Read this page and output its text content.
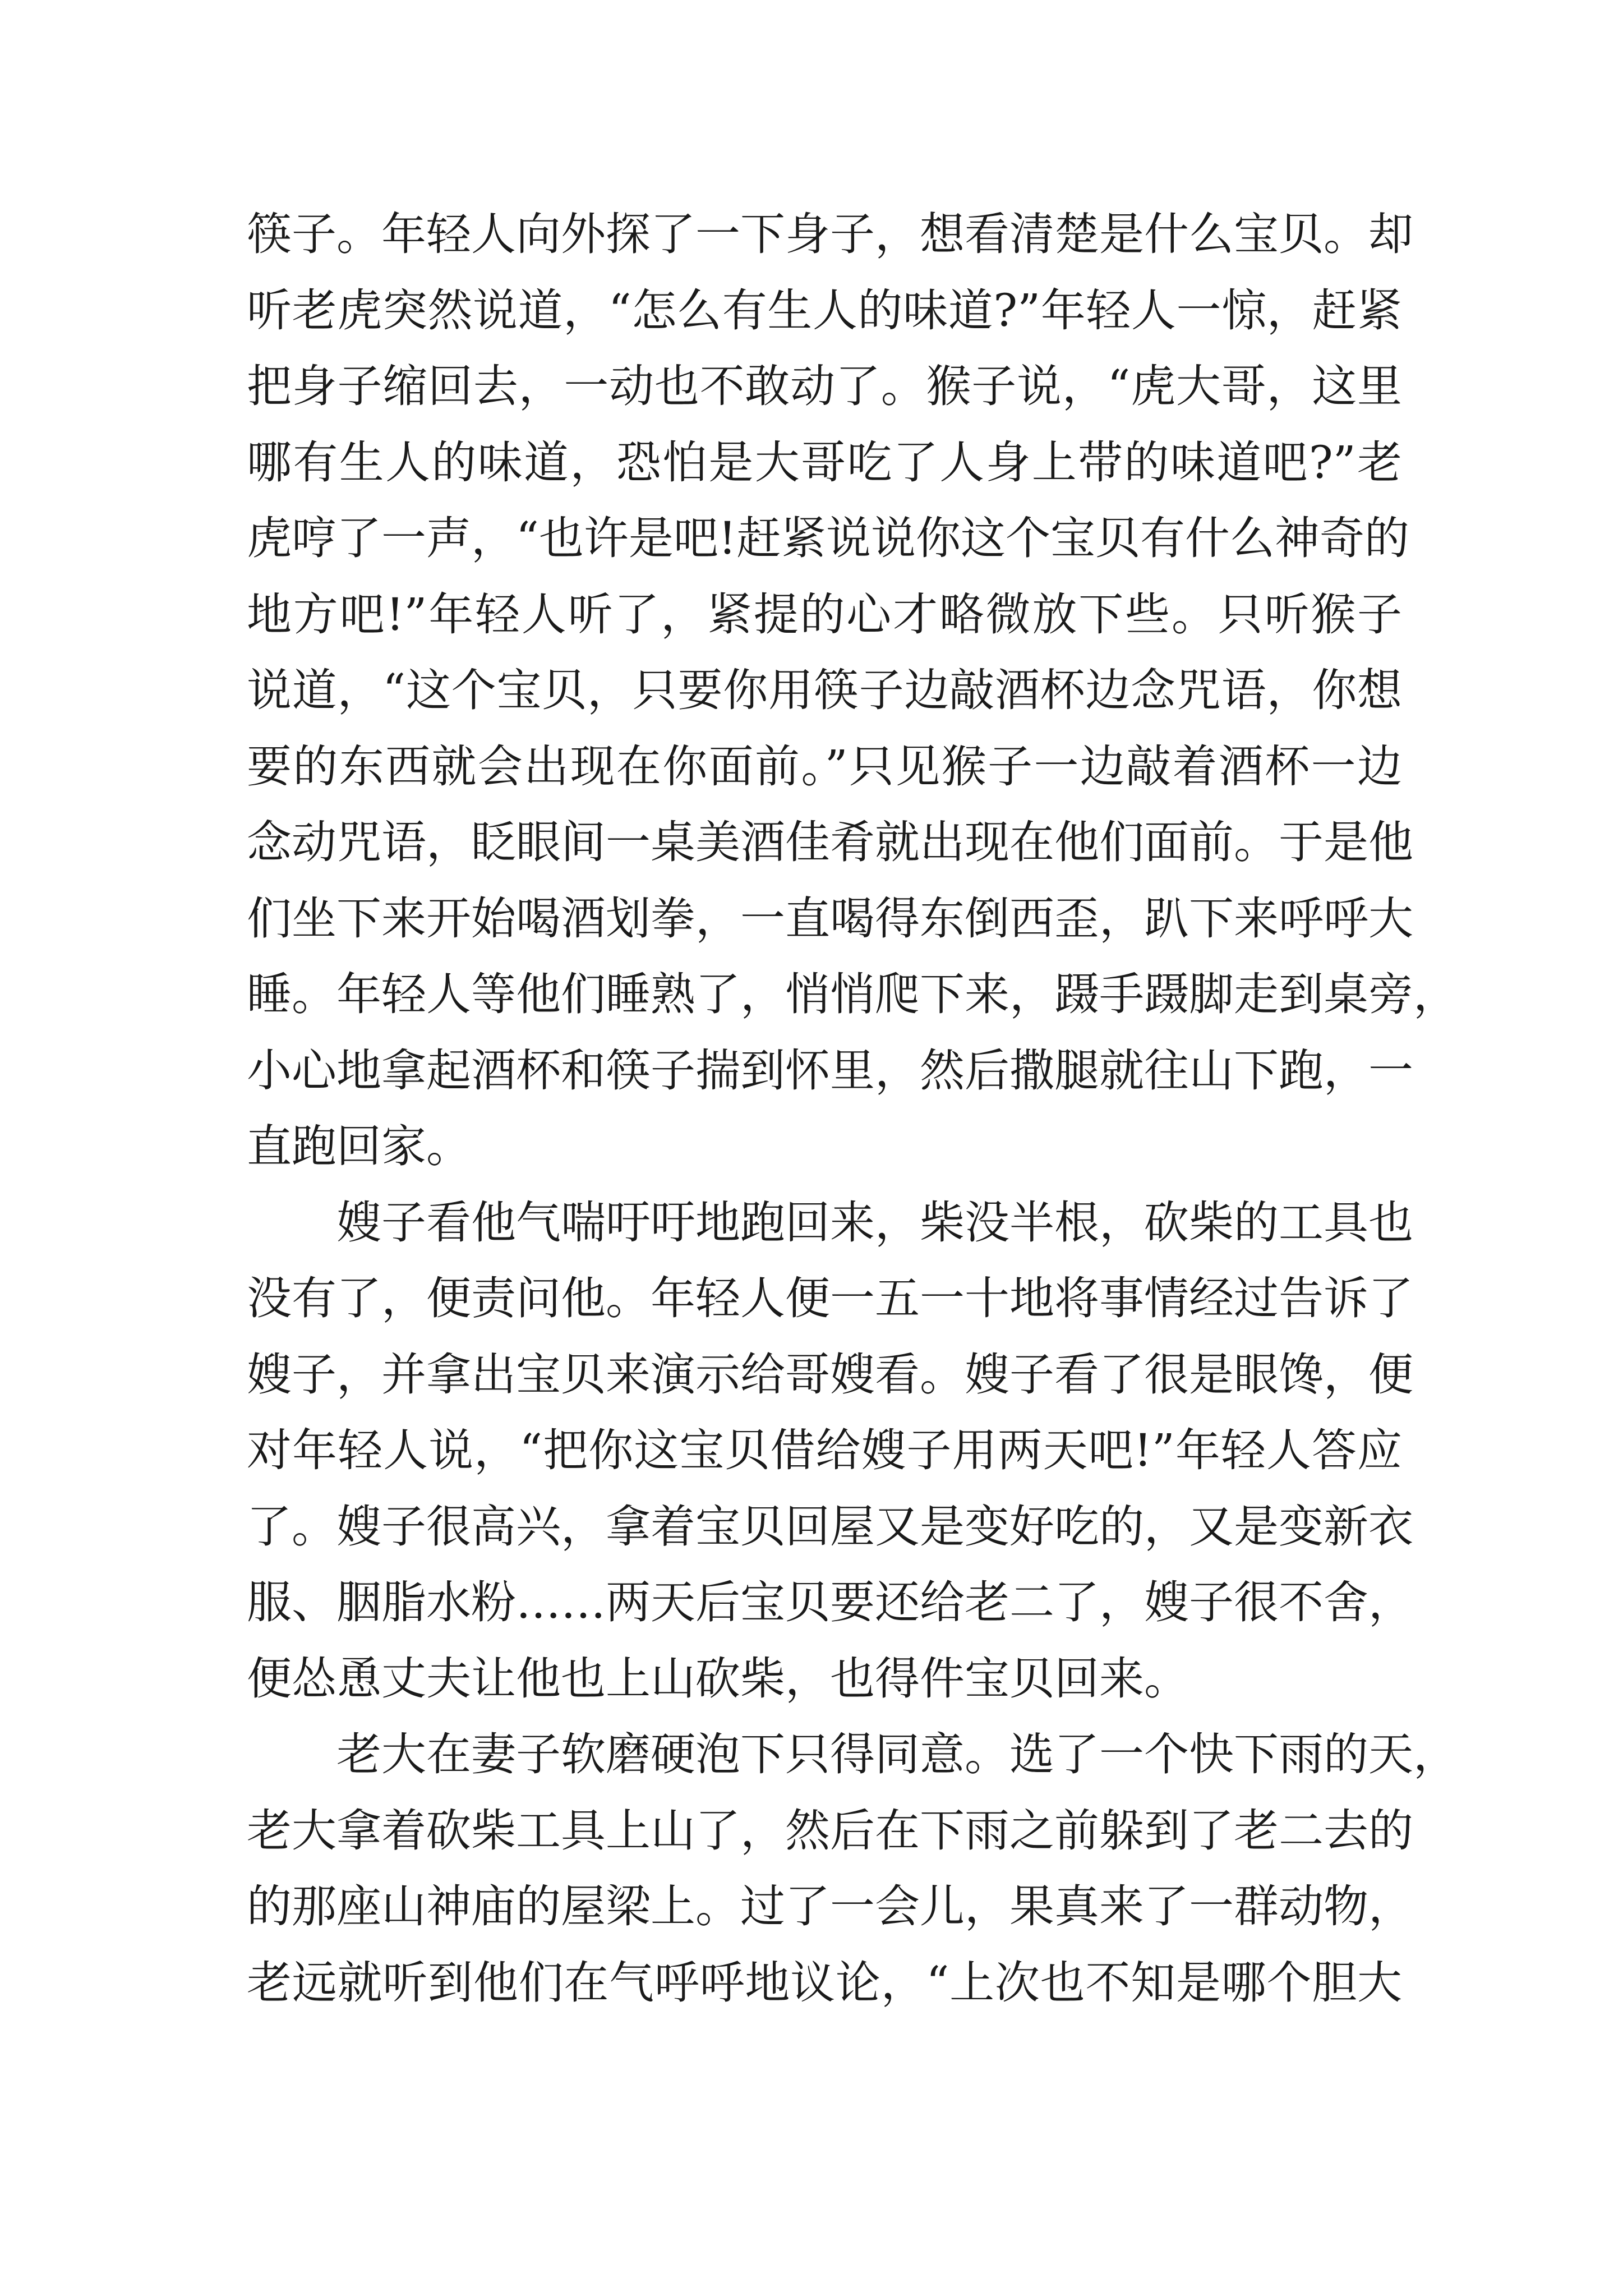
筷子。年轻人向外探了一下身子，想看清楚是什么宝贝。却
听老虎突然说道，“怎么有生人的味道?”年轻人一惊，赶紧
把身子缩回去，一动也不敢动了。猴子说，“虎大哥，这里
哪有生人的味道，恐怕是大哥吃了人身上带的味道吧?”老
虎哼了一声，“也许是吧!赶紧说说你这个宝贝有什么神奇的
地方吧!”年轻人听了，紧提的心才略微放下些。只听猴子
说道，“这个宝贝，只要你用筷子边敲酒杯边念咒语，你想
要的东西就会出现在你面前。”只见猴子一边敲着酒杯一边
念动咒语，眨眼间一桌美酒佳肴就出现在他们面前。于是他
们坐下来开始喝酒划拳，一直喝得东倒西歪，趴下来呼呼大
睡。年轻人等他们睡熟了，悄悄爬下来，蹑手蹑脚走到桌旁，
小心地拿起酒杯和筷子揣到怀里，然后撒腿就往山下跑，一
直跑回家。
嫂子看他气喘吁吁地跑回来，柴没半根，砍柴的工具也
没有了，便责问他。年轻人便一五一十地将事情经过告诉了
嫂子，并拿出宝贝来演示给哥嫂看。嫂子看了很是眼馋，便
对年轻人说，“把你这宝贝借给嫂子用两天吧!”年轻人答应
了。嫂子很高兴，拿着宝贝回屋又是变好吃的，又是变新衣
服、胭脂水粉……两天后宝贝要还给老二了，嫂子很不舍，
便怂恿丈夫让他也上山砍柴，也得件宝贝回来。
老大在妻子软磨硬泡下只得同意。选了一个快下雨的天，
老大拿着砍柴工具上山了，然后在下雨之前躲到了老二去的
的那座山神庙的屋梁上。过了一会儿，果真来了一群动物，
老远就听到他们在气呼呼地议论，“上次也不知是哪个胆大
